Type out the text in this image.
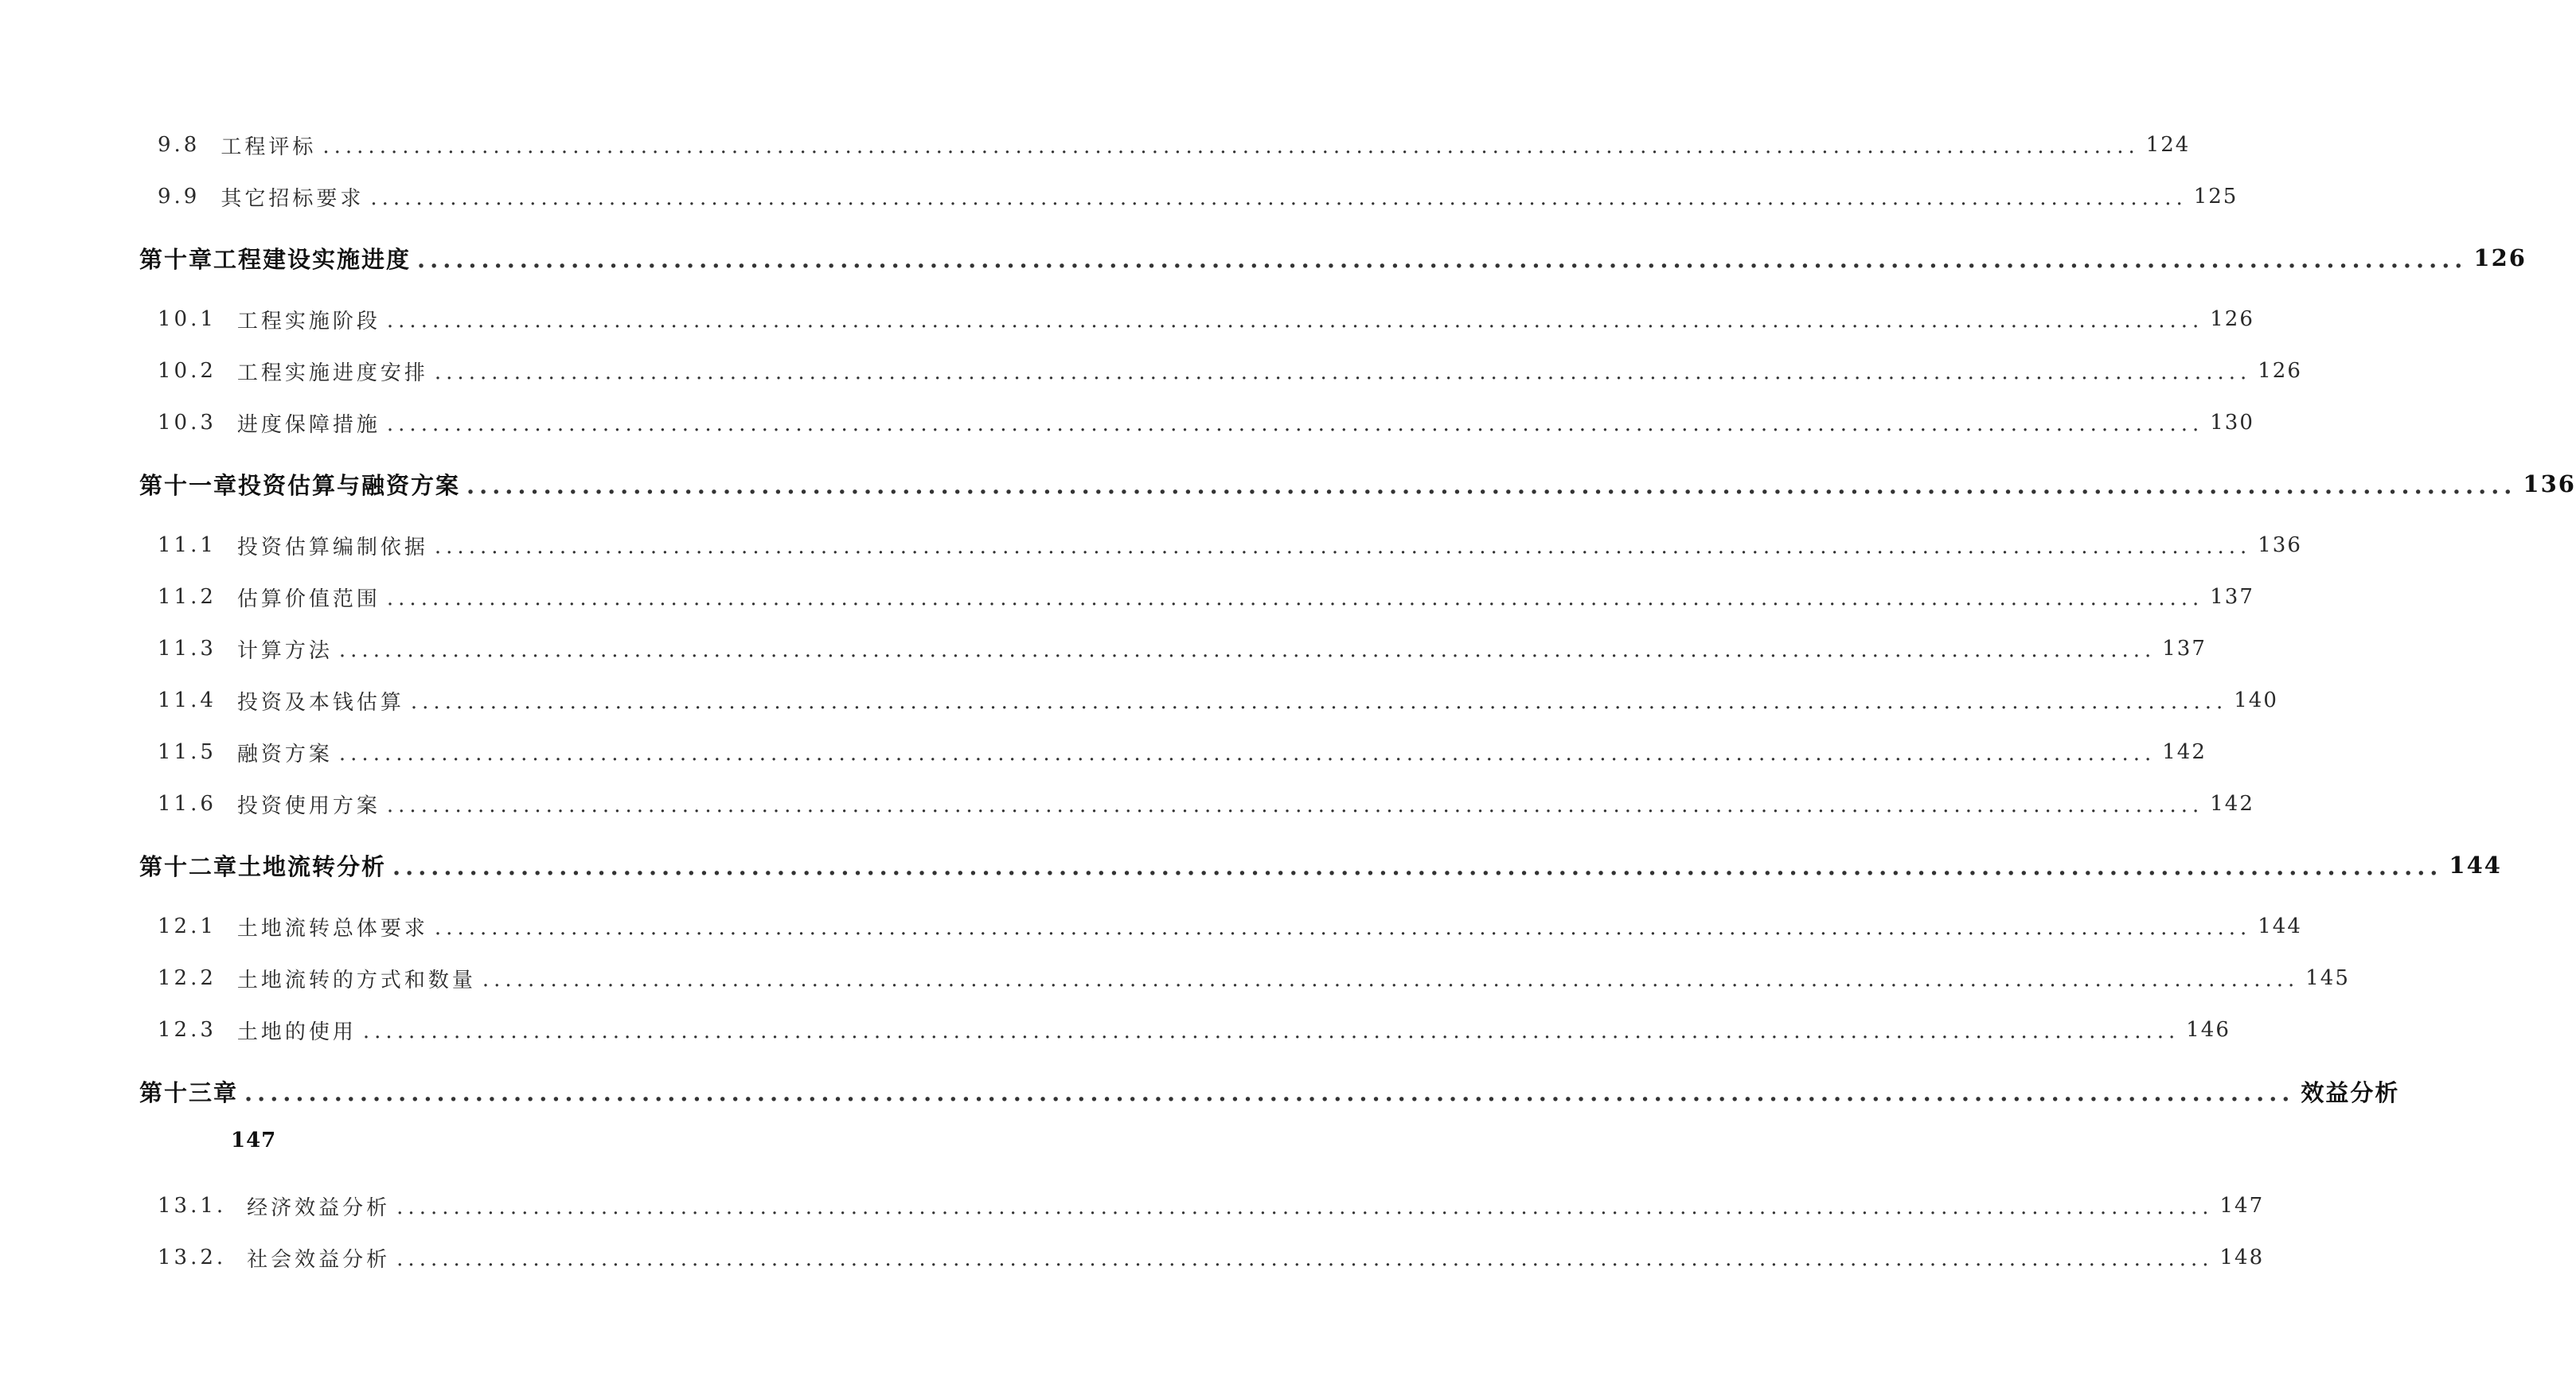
9.8 工程评标 ................................................................................................................................................................ 124
9.9 其它招标要求 ................................................................................................................................................................ 125
第十章工程建设实施进度 ................................................................................................................................................................ 126
10.1 工程实施阶段 ................................................................................................................................................................ 126
10.2 工程实施进度安排 ................................................................................................................................................................ 126
10.3 进度保障措施 ................................................................................................................................................................ 130
第十一章投资估算与融资方案 ................................................................................................................................................................ 136
11.1 投资估算编制依据 ................................................................................................................................................................ 136
11.2 估算价值范围 ................................................................................................................................................................ 137
11.3 计算方法 ................................................................................................................................................................ 137
11.4 投资及本钱估算 ................................................................................................................................................................ 140
11.5 融资方案 ................................................................................................................................................................ 142
11.6 投资使用方案 ................................................................................................................................................................ 142
第十二章土地流转分析 ................................................................................................................................................................ 144
12.1 土地流转总体要求 ................................................................................................................................................................ 144
12.2 土地流转的方式和数量 ................................................................................................................................................................ 145
12.3 土地的使用 ................................................................................................................................................................ 146
第十三章 ................................................................................................................................................................ 效益分析
147
13.1. 经济效益分析 ................................................................................................................................................................ 147
13.2. 社会效益分析 ................................................................................................................................................................ 148
